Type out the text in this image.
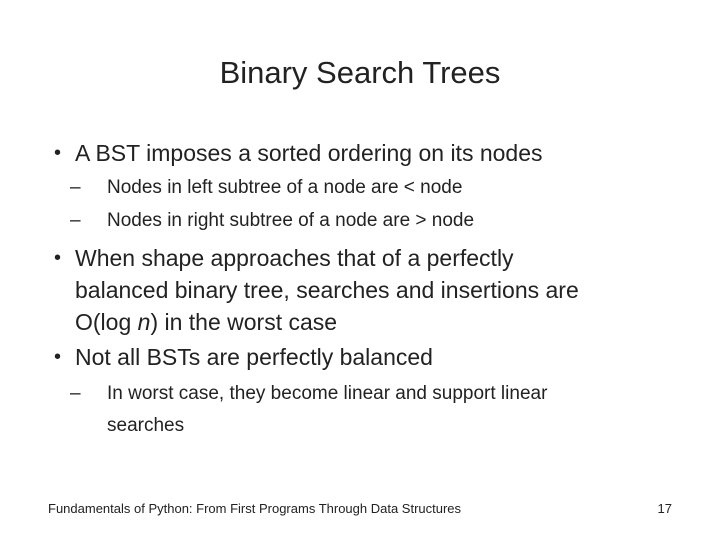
Binary Search Trees
• A BST imposes a sorted ordering on its nodes
– Nodes in left subtree of a node are < node
– Nodes in right subtree of a node are > node
• When shape approaches that of a perfectly
balanced binary tree, searches and insertions are
O(log n) in the worst case
• Not all BSTs are perfectly balanced
– In worst case, they become linear and support linear
searches
Fundamentals of Python: From First Programs Through Data Structures	17
